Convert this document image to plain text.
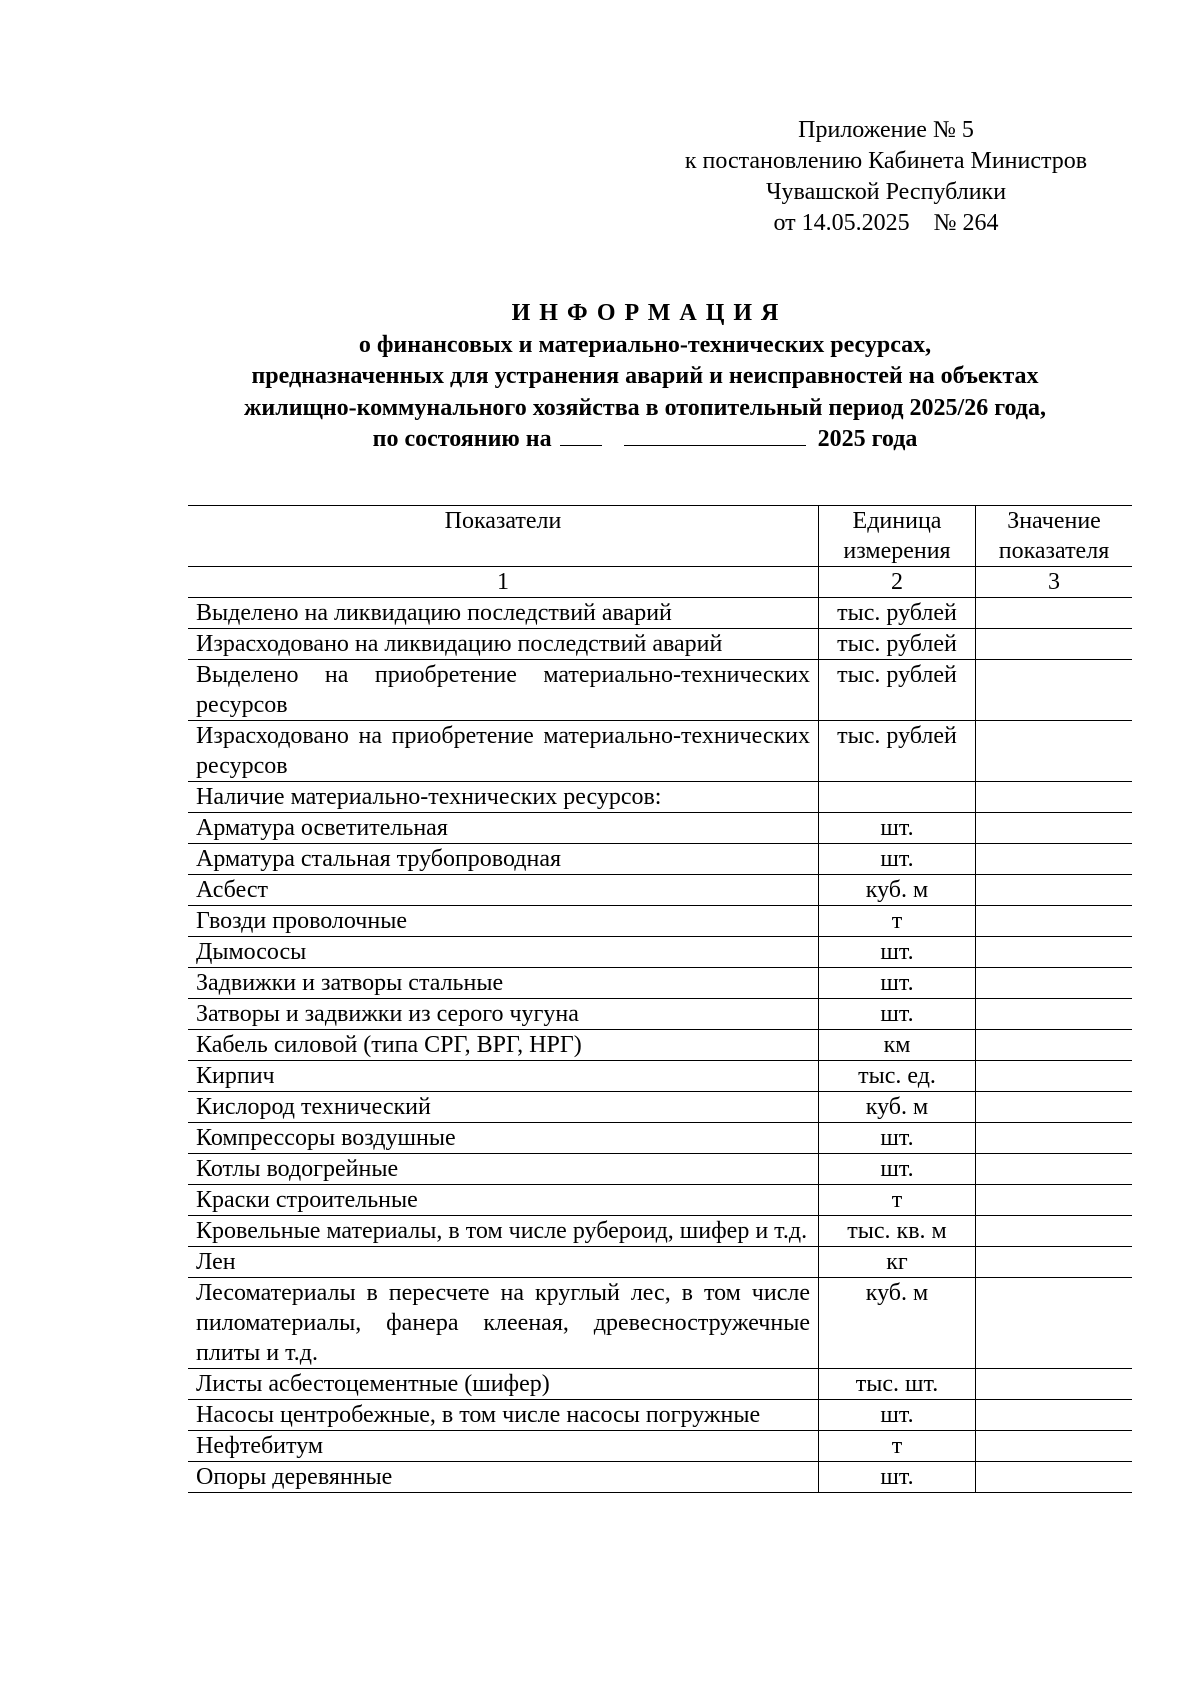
Приложение № 5
к постановлению Кабинета Министров
Чувашской Республики
от 14.05.2025 № 264
ИНФОРМАЦИЯ
о финансовых и материально-технических ресурсах,
предназначенных для устранения аварий и неисправностей на объектах
жилищно-коммунального хозяйства в отопительный период 2025/26 года,
по состоянию на	2025 года
Показатели	Единица измерения	Значение показателя
1	2	3
Выделено на ликвидацию последствий аварий	тыс. рублей	
Израсходовано на ликвидацию последствий аварий	тыс. рублей	
Выделено на приобретение материально-технических ресурсов	тыс. рублей	
Израсходовано на приобретение материально-технических ресурсов	тыс. рублей	
Наличие материально-технических ресурсов:		
Арматура осветительная	шт.	
Арматура стальная трубопроводная	шт.	
Асбест	куб. м	
Гвозди проволочные	т	
Дымососы	шт.	
Задвижки и затворы стальные	шт.	
Затворы и задвижки из серого чугуна	шт.	
Кабель силовой (типа СРГ, ВРГ, НРГ)	км	
Кирпич	тыс. ед.	
Кислород технический	куб. м	
Компрессоры воздушные	шт.	
Котлы водогрейные	шт.	
Краски строительные	т	
Кровельные материалы, в том числе рубероид, шифер и т.д.	тыс. кв. м	
Лен	кг	
Лесоматериалы в пересчете на круглый лес, в том числе пиломатериалы, фанера клееная, древесностружечные плиты и т.д.	куб. м	
Листы асбестоцементные (шифер)	тыс. шт.	
Насосы центробежные, в том числе насосы погружные	шт.	
Нефтебитум	т	
Опоры деревянные	шт.	
